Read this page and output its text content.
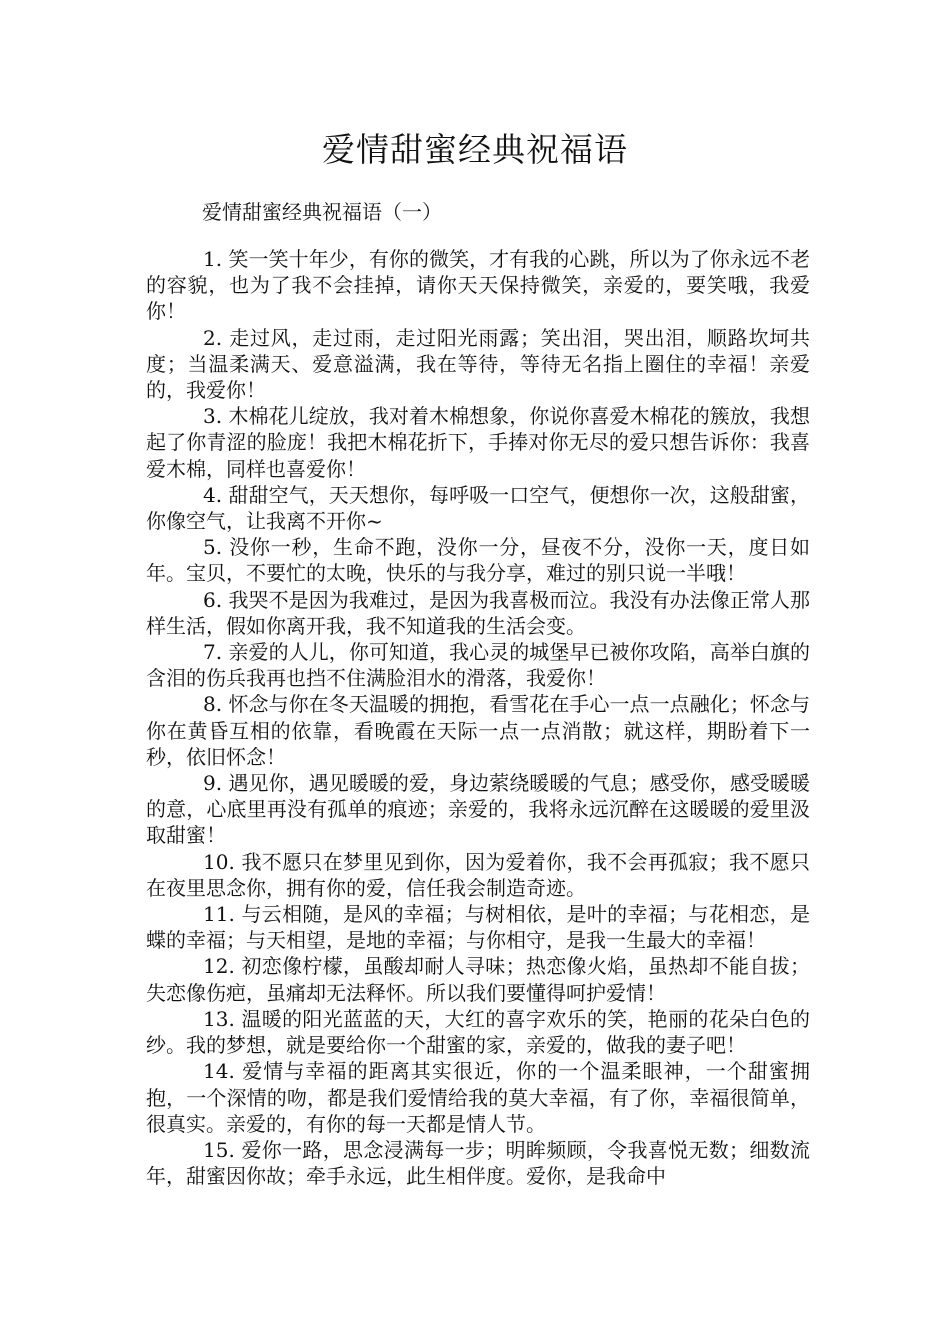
爱情甜蜜经典祝福语
爱情甜蜜经典祝福语（一）

1. 笑一笑十年少，有你的微笑，才有我的心跳，所以为了你永远不老的容貌，也为了我不会挂掉，请你天天保持微笑，亲爱的，要笑哦，我爱你！

2. 走过风，走过雨，走过阳光雨露；笑出泪，哭出泪，顺路坎坷共度；当温柔满天、爱意溢满，我在等待，等待无名指上圈住的幸福！亲爱的，我爱你！

3. 木棉花儿绽放，我对着木棉想象，你说你喜爱木棉花的簇放，我想起了你青涩的脸庞！我把木棉花折下，手捧对你无尽的爱只想告诉你：我喜爱木棉，同样也喜爱你！

4. 甜甜空气，天天想你，每呼吸一口空气，便想你一次，这般甜蜜，你像空气，让我离不开你~

5. 没你一秒，生命不跑，没你一分，昼夜不分，没你一天，度日如年。宝贝，不要忙的太晚，快乐的与我分享，难过的别只说一半哦！

6. 我哭不是因为我难过，是因为我喜极而泣。我没有办法像正常人那样生活，假如你离开我，我不知道我的生活会变。

7. 亲爱的人儿，你可知道，我心灵的城堡早已被你攻陷，高举白旗的含泪的伤兵我再也挡不住满脸泪水的滑落，我爱你！

8. 怀念与你在冬天温暖的拥抱，看雪花在手心一点一点融化；怀念与你在黄昏互相的依靠，看晚霞在天际一点一点消散；就这样，期盼着下一秒，依旧怀念！

9. 遇见你，遇见暖暖的爱，身边萦绕暖暖的气息；感受你，感受暖暖的意，心底里再没有孤单的痕迹；亲爱的，我将永远沉醉在这暖暖的爱里汲取甜蜜！

10. 我不愿只在梦里见到你，因为爱着你，我不会再孤寂；我不愿只在夜里思念你，拥有你的爱，信任我会制造奇迹。

11. 与云相随，是风的幸福；与树相依，是叶的幸福；与花相恋，是蝶的幸福；与天相望，是地的幸福；与你相守，是我一生最大的幸福！

12. 初恋像柠檬，虽酸却耐人寻味；热恋像火焰，虽热却不能自拔；失恋像伤疤，虽痛却无法释怀。所以我们要懂得呵护爱情！

13. 温暖的阳光蓝蓝的天，大红的喜字欢乐的笑，艳丽的花朵白色的纱。我的梦想，就是要给你一个甜蜜的家，亲爱的，做我的妻子吧！

14. 爱情与幸福的距离其实很近，你的一个温柔眼神，一个甜蜜拥抱，一个深情的吻，都是我们爱情给我的莫大幸福，有了你，幸福很简单，很真实。亲爱的，有你的每一天都是情人节。

15. 爱你一路，思念浸满每一步；明眸频顾，令我喜悦无数；细数流年，甜蜜因你故；牵手永远，此生相伴度。爱你，是我命中
